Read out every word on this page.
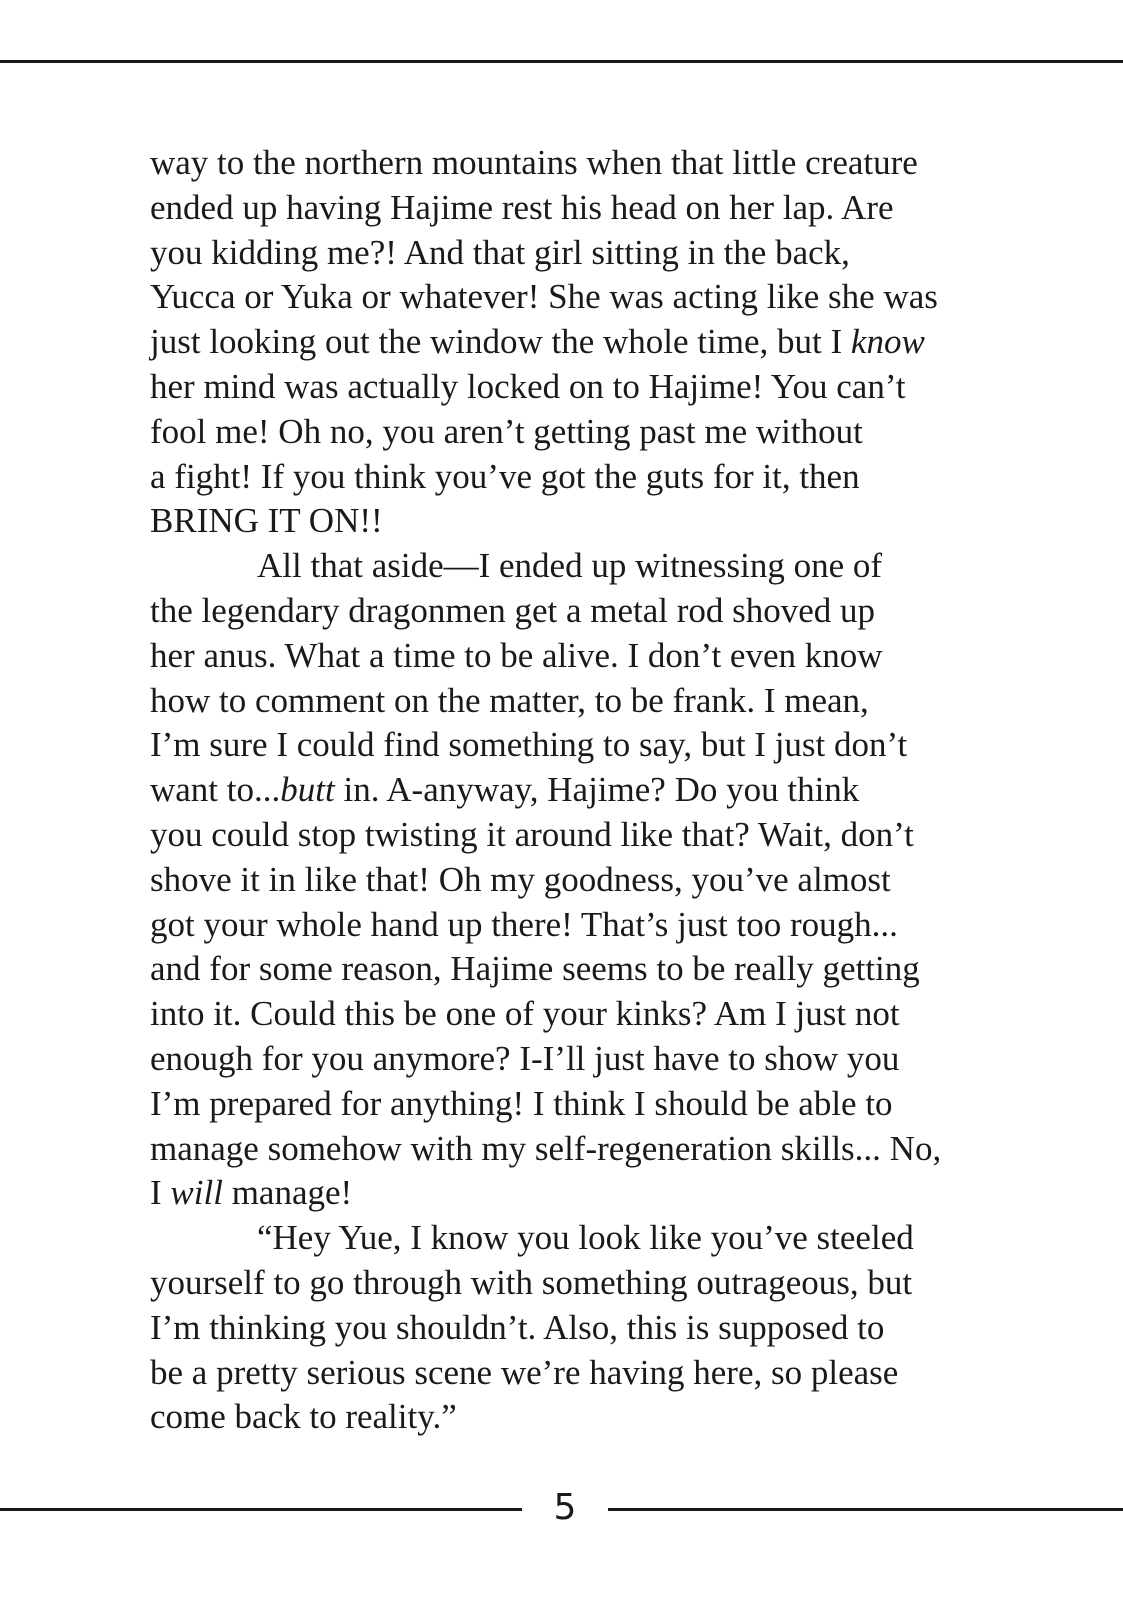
way to the northern mountains when that little creature
ended up having Hajime rest his head on her lap. Are
you kidding me?! And that girl sitting in the back,
Yucca or Yuka or whatever! She was acting like she was
just looking out the window the whole time, but I know
her mind was actually locked on to Hajime! You can’t
fool me! Oh no, you aren’t getting past me without
a fight! If you think you’ve got the guts for it, then
BRING IT ON!!
All that aside—I ended up witnessing one of
the legendary dragonmen get a metal rod shoved up
her anus. What a time to be alive. I don’t even know
how to comment on the matter, to be frank. I mean,
I’m sure I could find something to say, but I just don’t
want to...butt in. A-anyway, Hajime? Do you think
you could stop twisting it around like that? Wait, don’t
shove it in like that! Oh my goodness, you’ve almost
got your whole hand up there! That’s just too rough...
and for some reason, Hajime seems to be really getting
into it. Could this be one of your kinks? Am I just not
enough for you anymore? I-I’ll just have to show you
I’m prepared for anything! I think I should be able to
manage somehow with my self-regeneration skills... No,
I will manage!
“Hey Yue, I know you look like you’ve steeled
yourself to go through with something outrageous, but
I’m thinking you shouldn’t. Also, this is supposed to
be a pretty serious scene we’re having here, so please
come back to reality.”
5
